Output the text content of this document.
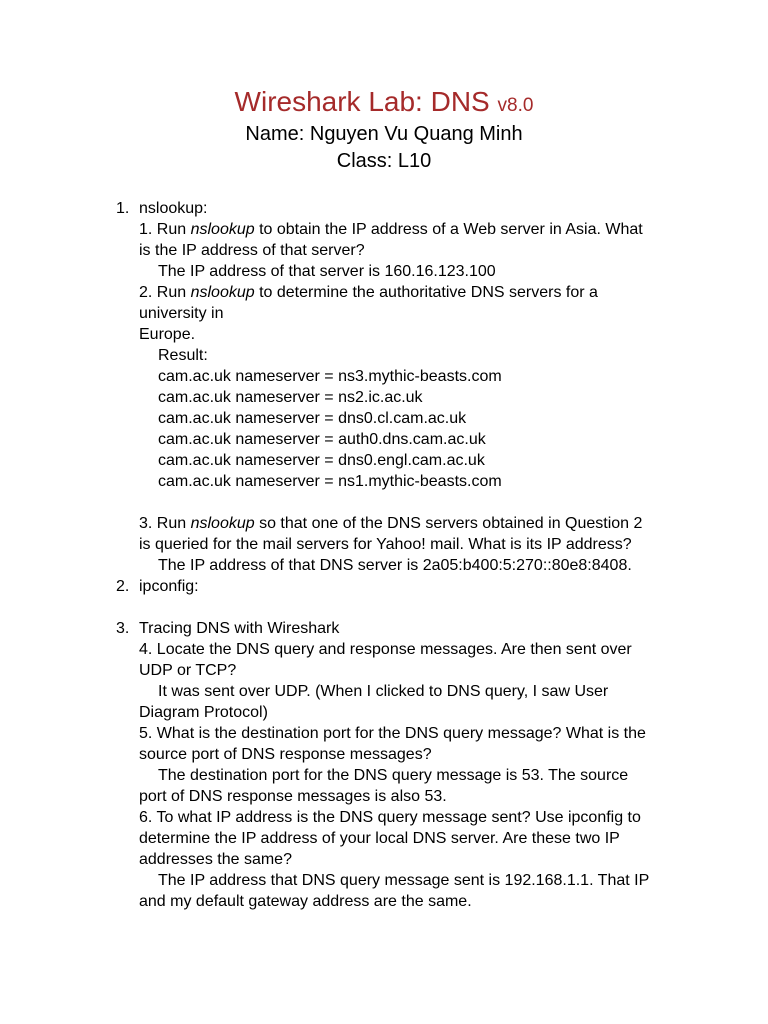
Wireshark Lab: DNS v8.0
Name: Nguyen Vu Quang Minh
Class: L10
1. nslookup:
1. Run nslookup to obtain the IP address of a Web server in Asia. What
is the IP address of that server?
The IP address of that server is 160.16.123.100
2. Run nslookup to determine the authoritative DNS servers for a
university in
Europe.
Result:
cam.ac.uk nameserver = ns3.mythic-beasts.com
cam.ac.uk nameserver = ns2.ic.ac.uk
cam.ac.uk nameserver = dns0.cl.cam.ac.uk
cam.ac.uk nameserver = auth0.dns.cam.ac.uk
cam.ac.uk nameserver = dns0.engl.cam.ac.uk
cam.ac.uk nameserver = ns1.mythic-beasts.com
3. Run nslookup so that one of the DNS servers obtained in Question 2
is queried for the mail servers for Yahoo! mail. What is its IP address?
The IP address of that DNS server is 2a05:b400:5:270::80e8:8408.
2. ipconfig:
3. Tracing DNS with Wireshark
4. Locate the DNS query and response messages. Are then sent over
UDP or TCP?
It was sent over UDP. (When I clicked to DNS query, I saw User
Diagram Protocol)
5. What is the destination port for the DNS query message? What is the
source port of DNS response messages?
The destination port for the DNS query message is 53. The source
port of DNS response messages is also 53.
6. To what IP address is the DNS query message sent? Use ipconfig to
determine the IP address of your local DNS server. Are these two IP
addresses the same?
The IP address that DNS query message sent is 192.168.1.1. That IP
and my default gateway address are the same.
